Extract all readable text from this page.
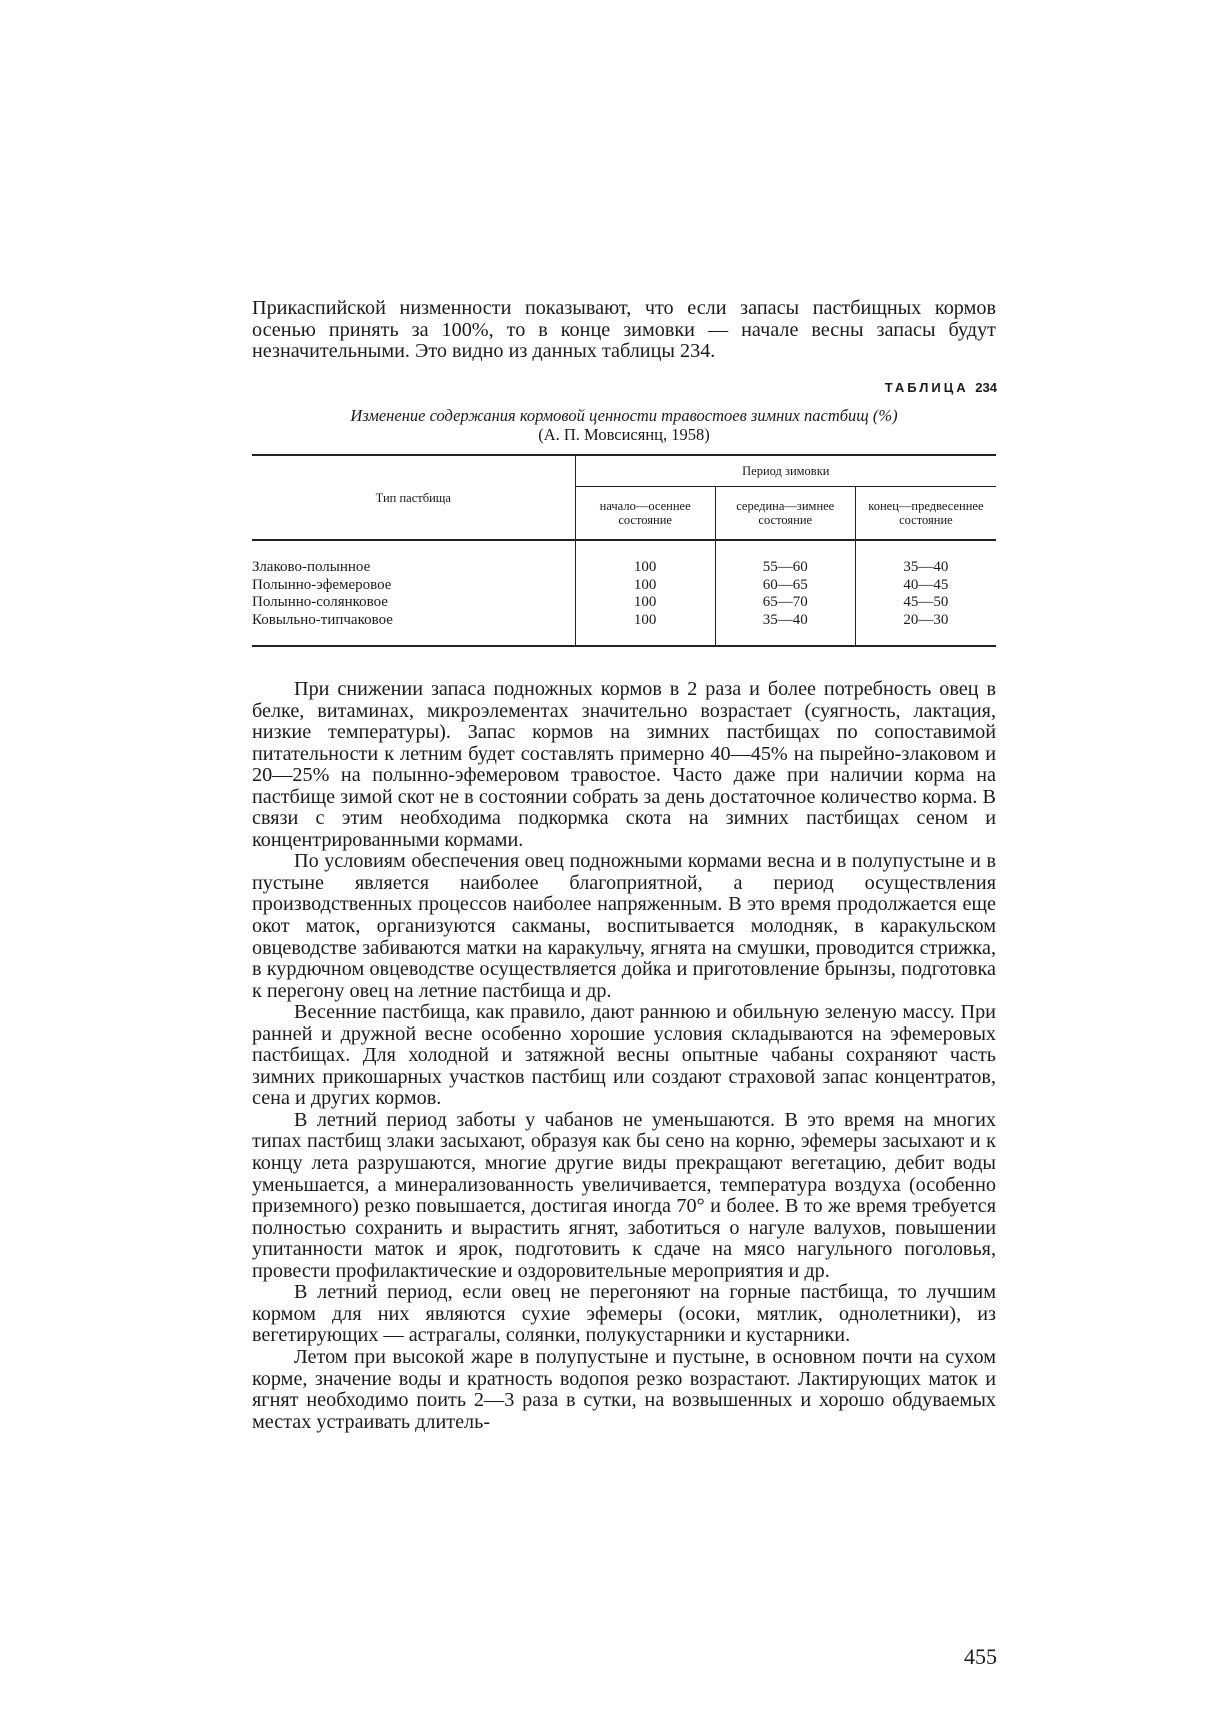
Прикаспийской низменности показывают, что если запасы пастбищных кормов осенью принять за 100%, то в конце зимовки — начале весны запасы будут незначительными. Это видно из данных таблицы 234.

ТАБЛИЦА 234
Изменение содержания кормовой ценности травостоев зимних пастбищ (%)
(А. П. Мовсисянц, 1958)
Тип пастбища	Период зимовки		
	начало—осеннее состояние	середина—зимнее состояние	конец—предвесеннее состояние
Злаково-полынное	100	55—60	35—40
Полынно-эфемеровое	100	60—65	40—45
Полынно-солянковое	100	65—70	45—50
Ковыльно-типчаковое	100	35—40	20—30

При снижении запаса подножных кормов в 2 раза и более потребность овец в белке, витаминах, микроэлементах значительно возрастает (суягность, лактация, низкие температуры). Запас кормов на зимних пастбищах по сопоставимой питательности к летним будет составлять примерно 40—45% на пырейно-злаковом и 20—25% на полынно-эфемеровом травостое. Часто даже при наличии корма на пастбище зимой скот не в состоянии собрать за день достаточное количество корма. В связи с этим необходима подкормка скота на зимних пастбищах сеном и концентрированными кормами.

По условиям обеспечения овец подножными кормами весна и в полупустыне и в пустыне является наиболее благоприятной, а период осуществления производственных процессов наиболее напряженным. В это время продолжается еще окот маток, организуются сакманы, воспитывается молодняк, в каракульском овцеводстве забиваются матки на каракульчу, ягнята на смушки, проводится стрижка, в курдючном овцеводстве осуществляется дойка и приготовление брынзы, подготовка к перегону овец на летние пастбища и др.

Весенние пастбища, как правило, дают раннюю и обильную зеленую массу. При ранней и дружной весне особенно хорошие условия складываются на эфемеровых пастбищах. Для холодной и затяжной весны опытные чабаны сохраняют часть зимних прикошарных участков пастбищ или создают страховой запас концентратов, сена и других кормов.

В летний период заботы у чабанов не уменьшаются. В это время на многих типах пастбищ злаки засыхают, образуя как бы сено на корню, эфемеры засыхают и к концу лета разрушаются, многие другие виды прекращают вегетацию, дебит воды уменьшается, а минерализованность увеличивается, температура воздуха (особенно приземного) резко повышается, достигая иногда 70° и более. В то же время требуется полностью сохранить и вырастить ягнят, заботиться о нагуле валухов, повышении упитанности маток и ярок, подготовить к сдаче на мясо нагульного поголовья, провести профилактические и оздоровительные мероприятия и др.

В летний период, если овец не перегоняют на горные пастбища, то лучшим кормом для них являются сухие эфемеры (осоки, мятлик, однолетники), из вегетирующих — астрагалы, солянки, полукустарники и кустарники.

Летом при высокой жаре в полупустыне и пустыне, в основном почти на сухом корме, значение воды и кратность водопоя резко возрастают. Лактирующих маток и ягнят необходимо поить 2—3 раза в сутки, на возвышенных и хорошо обдуваемых местах устраивать длитель-

455
